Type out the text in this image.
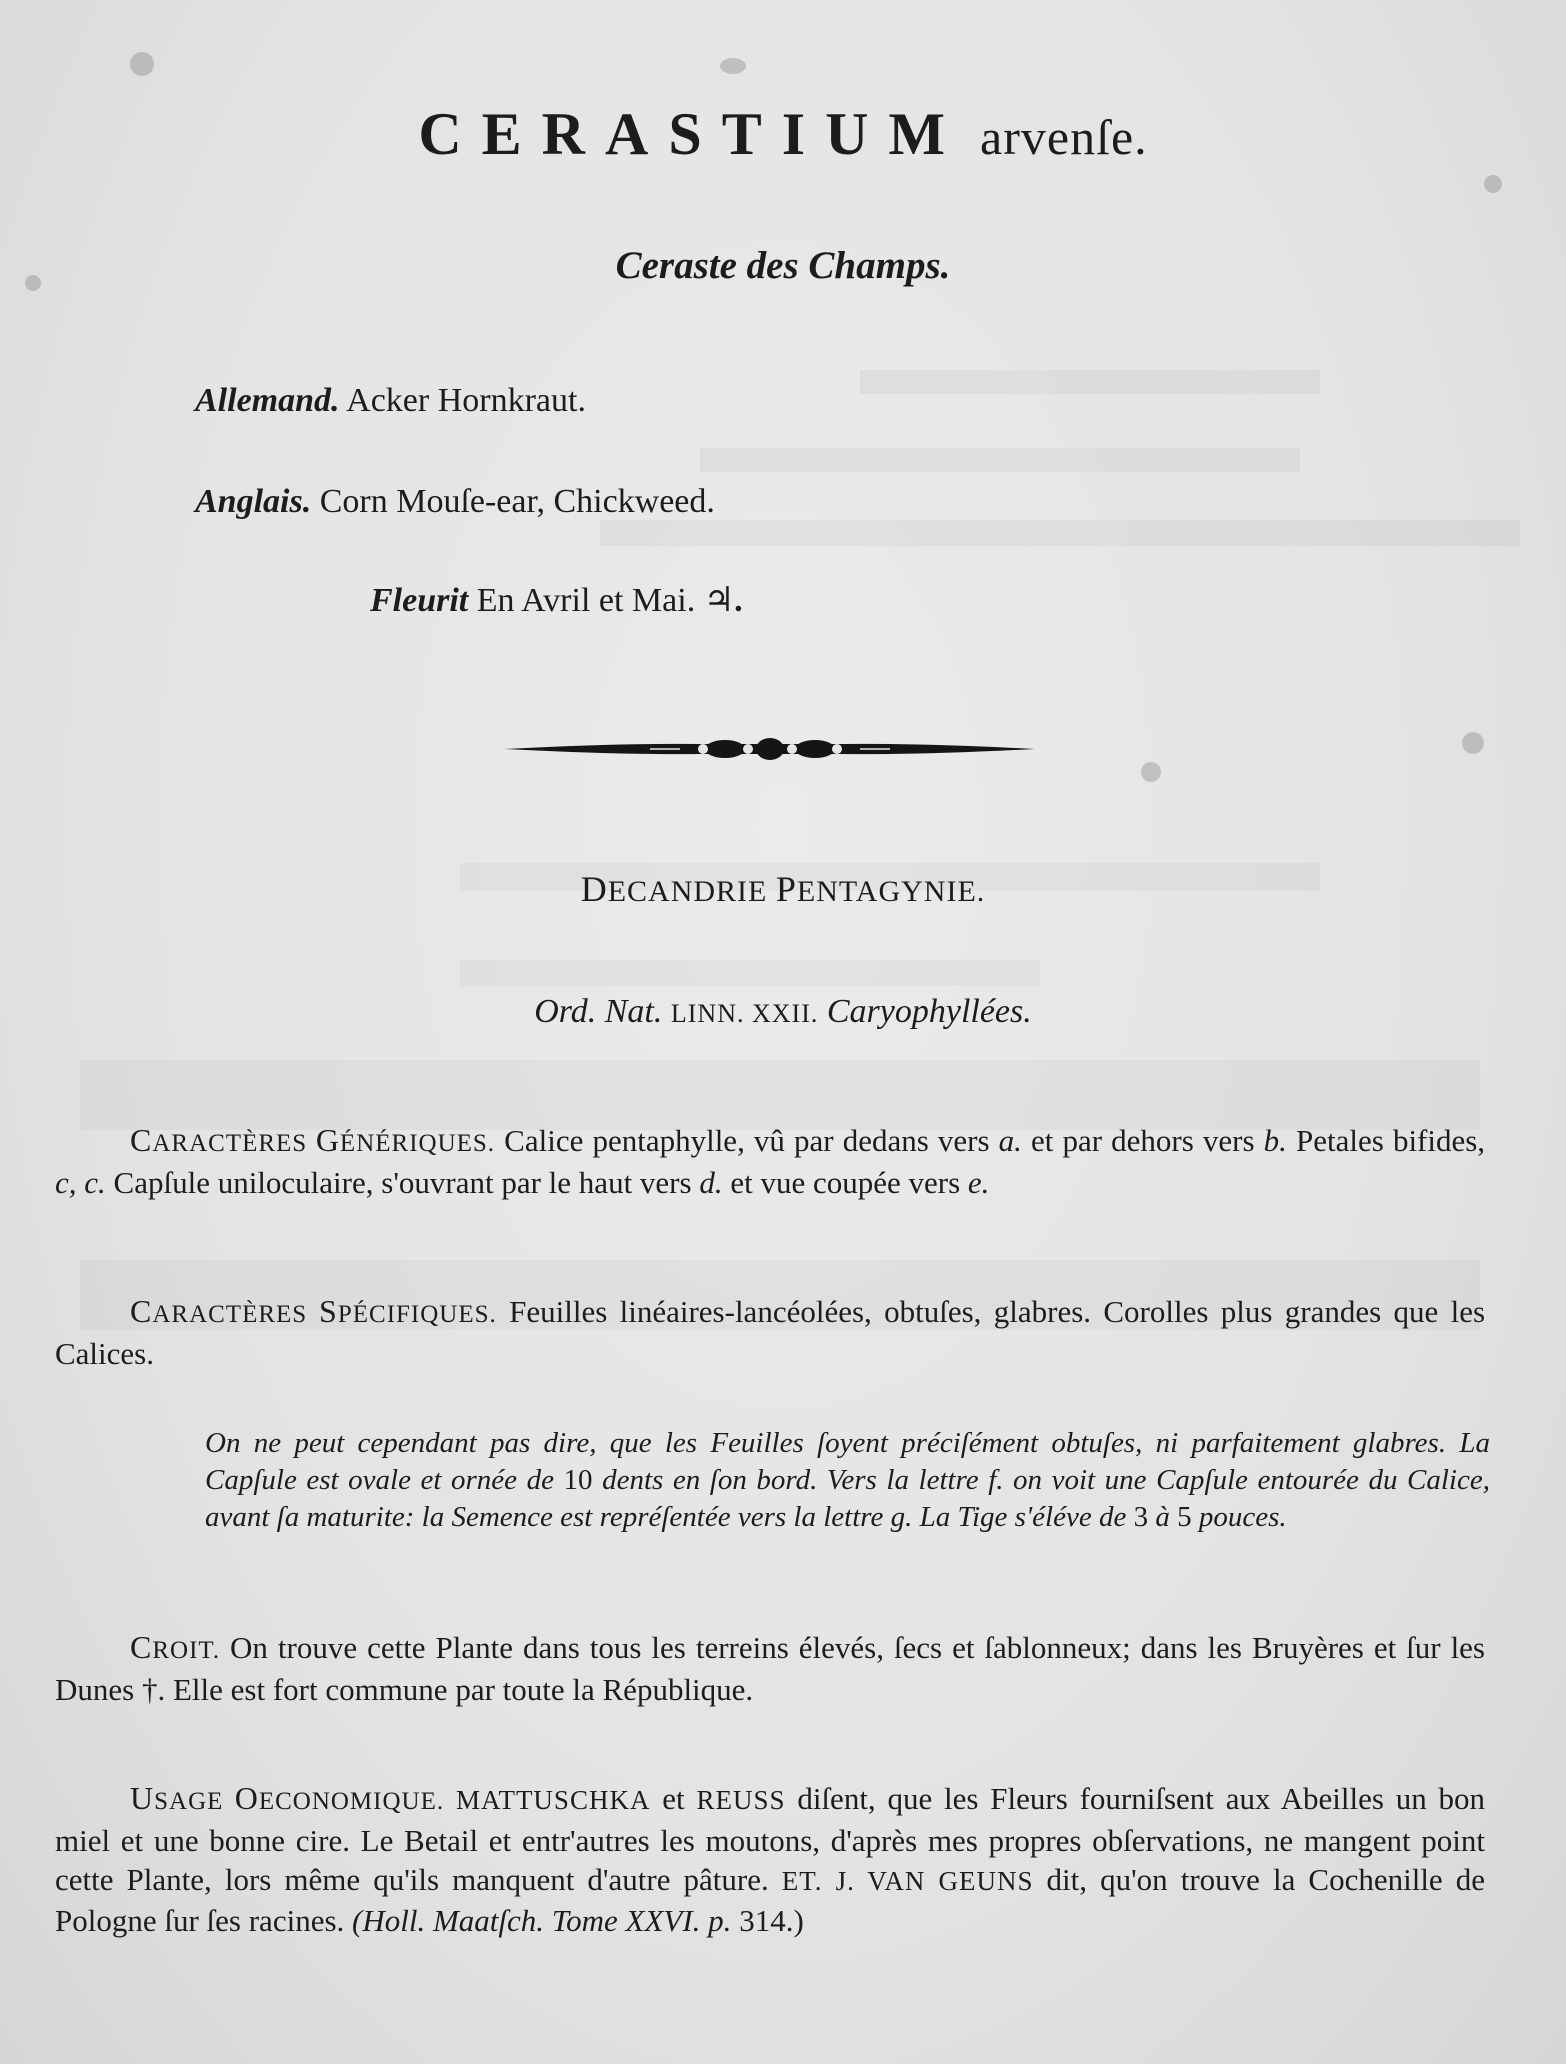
CERASTIUM arvenſe.
Ceraste des Champs.
Allemand. Acker Hornkraut.
Anglais. Corn Mouſe-ear, Chickweed.
Fleurit En Avril et Mai. ♃.
DECANDRIE PENTAGYNIE.
Ord. Nat. LINN. XXII. Caryophyllées.
CARACTÈRES GÉNÉRIQUES. Calice pentaphylle, vû par dedans vers a. et par dehors vers b. Petales bifides, c, c. Capſule uniloculaire, s'ouvrant par le haut vers d. et vue coupée vers e.
CARACTÈRES SPÉCIFIQUES. Feuilles linéaires-lancéolées, obtuſes, glabres. Corolles plus grandes que les Calices.
On ne peut cependant pas dire, que les Feuilles ſoyent préciſément obtuſes, ni parfaitement glabres. La Capſule est ovale et ornée de 10 dents en ſon bord. Vers la lettre f. on voit une Capſule entourée du Calice, avant ſa maturite: la Semence est repréſentée vers la lettre g. La Tige s'éléve de 3 à 5 pouces.
CROIT. On trouve cette Plante dans tous les terreins élevés, ſecs et ſablonneux; dans les Bruyères et ſur les Dunes †. Elle est fort commune par toute la République.
USAGE OECONOMIQUE. MATTUSCHKA et REUSS diſent, que les Fleurs fourniſsent aux Abeilles un bon miel et une bonne cire. Le Betail et entr'autres les moutons, d'après mes propres obſervations, ne mangent point cette Plante, lors même qu'ils manquent d'autre pâture. ET. J. VAN GEUNS dit, qu'on trouve la Cochenille de Pologne ſur ſes racines. (Holl. Maatſch. Tome XXVI. p. 314.)
